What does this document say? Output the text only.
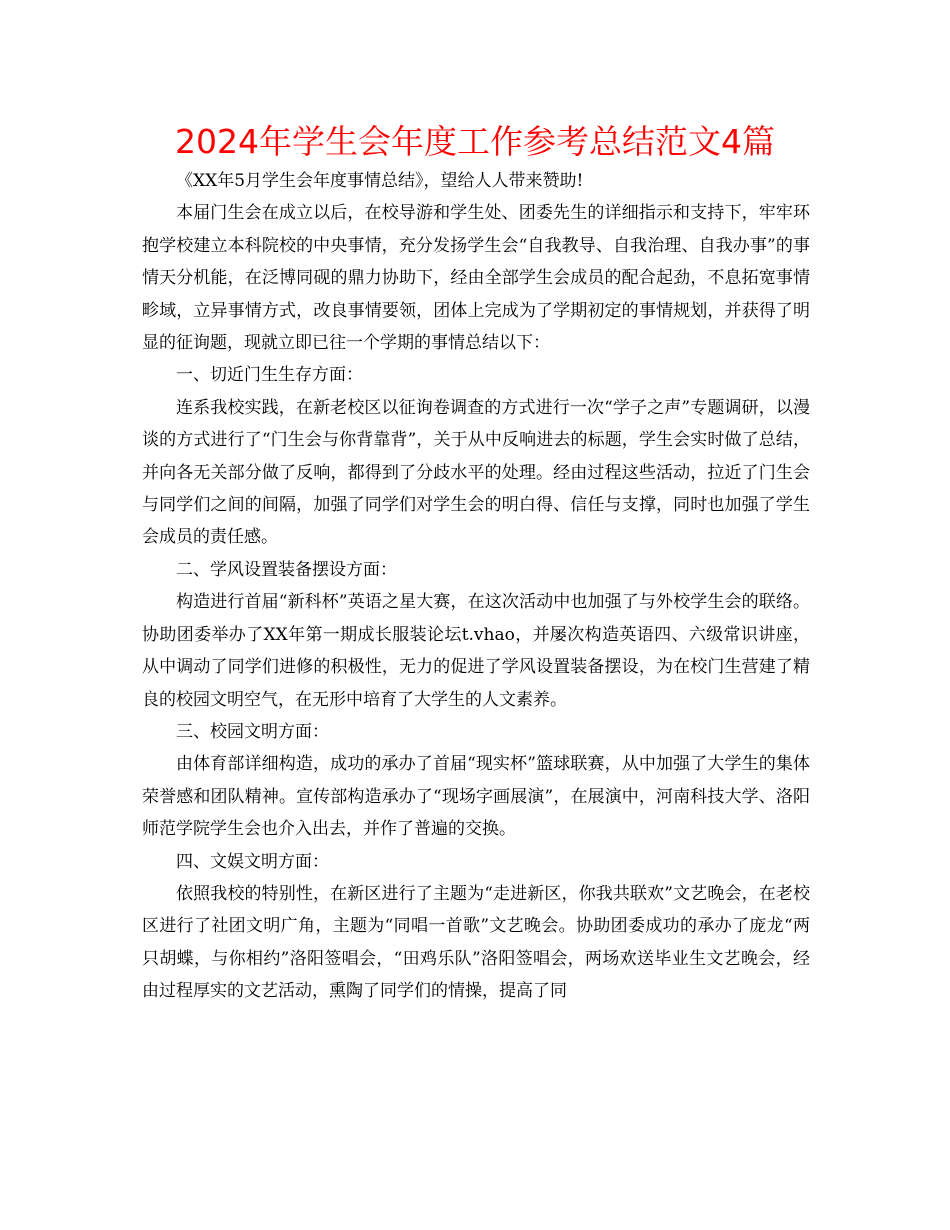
2024年学生会年度工作参考总结范文4篇

《XX年5月学生会年度事情总结》，望给人人带来赞助!

本届门生会在成立以后，在校导游和学生处、团委先生的详细指示和支持下，牢牢环抱学校建立本科院校的中央事情，充分发扬学生会“自我教导、自我治理、自我办事”的事情天分机能，在泛博同砚的鼎力协助下，经由全部学生会成员的配合起劲，不息拓宽事情畛域，立异事情方式，改良事情要领，团体上完成为了学期初定的事情规划，并获得了明显的征询题，现就立即已往一个学期的事情总结以下：

一、切近门生生存方面：

连系我校实践，在新老校区以征询卷调查的方式进行一次“学子之声”专题调研，以漫谈的方式进行了“门生会与你背靠背”，关于从中反响进去的标题，学生会实时做了总结，并向各无关部分做了反响，都得到了分歧水平的处理。经由过程这些活动，拉近了门生会与同学们之间的间隔，加强了同学们对学生会的明白得、信任与支撑，同时也加强了学生会成员的责任感。

二、学风设置装备摆设方面：

构造进行首届“新科杯”英语之星大赛，在这次活动中也加强了与外校学生会的联络。协助团委举办了XX年第一期成长服装论坛t.vhao，并屡次构造英语四、六级常识讲座，从中调动了同学们进修的积极性，无力的促进了学风设置装备摆设，为在校门生营建了精良的校园文明空气，在无形中培育了大学生的人文素养。

三、校园文明方面：

由体育部详细构造，成功的承办了首届“现实杯”篮球联赛，从中加强了大学生的集体荣誉感和团队精神。宣传部构造承办了“现场字画展演”，在展演中，河南科技大学、洛阳师范学院学生会也介入出去，并作了普遍的交换。

四、文娱文明方面：

依照我校的特别性，在新区进行了主题为“走进新区，你我共联欢”文艺晚会，在老校区进行了社团文明广角，主题为“同唱一首歌”文艺晚会。协助团委成功的承办了庞龙“两只胡蝶，与你相约”洛阳签唱会，“田鸡乐队”洛阳签唱会，两场欢送毕业生文艺晚会，经由过程厚实的文艺活动，熏陶了同学们的情操，提高了同
